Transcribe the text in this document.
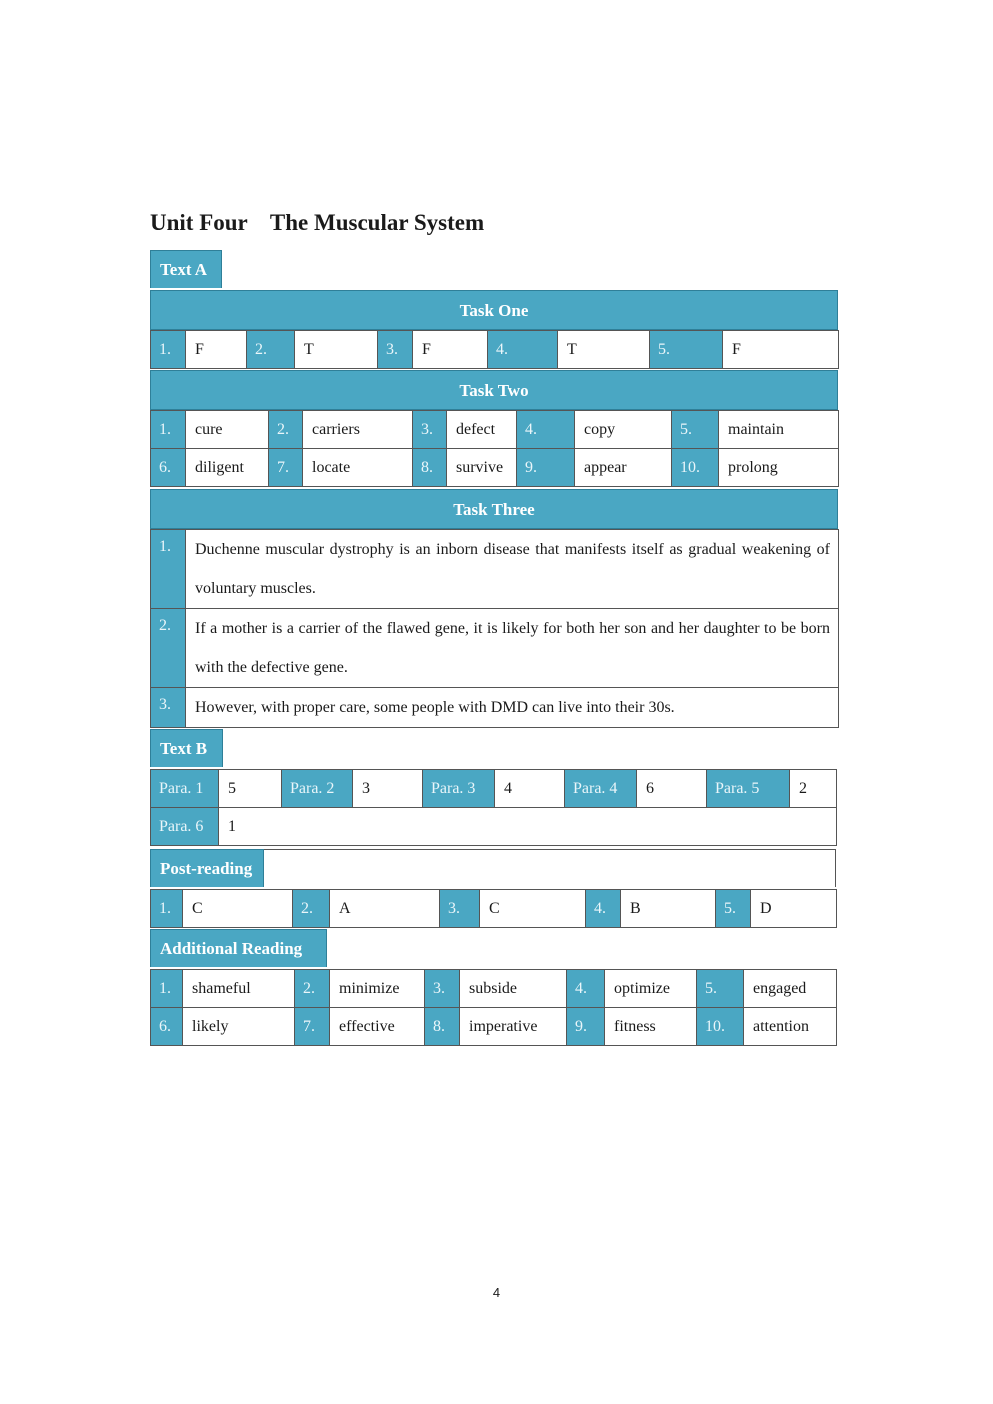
Unit Four    The Muscular System
Text A
Task One
1.	F	2.	T	3.	F	4.	T	5.	F
Task Two
1.	cure	2.	carriers	3.	defect	4.	copy	5.	maintain
6.	diligent	7.	locate	8.	survive	9.	appear	10.	prolong
Task Three
1.	Duchenne muscular dystrophy is an inborn disease that manifests itself as gradual weakening of voluntary muscles.
2.	If a mother is a carrier of the flawed gene, it is likely for both her son and her daughter to be born with the defective gene.
3.	However, with proper care, some people with DMD can live into their 30s.
Text B
Para. 1	5	Para. 2	3	Para. 3	4	Para. 4	6	Para. 5	2
Para. 6	1								
Post-reading
1.	C	2.	A	3.	C	4.	B	5.	D
Additional Reading
1.	shameful	2.	minimize	3.	subside	4.	optimize	5.	engaged
6.	likely	7.	effective	8.	imperative	9.	fitness	10.	attention
4
